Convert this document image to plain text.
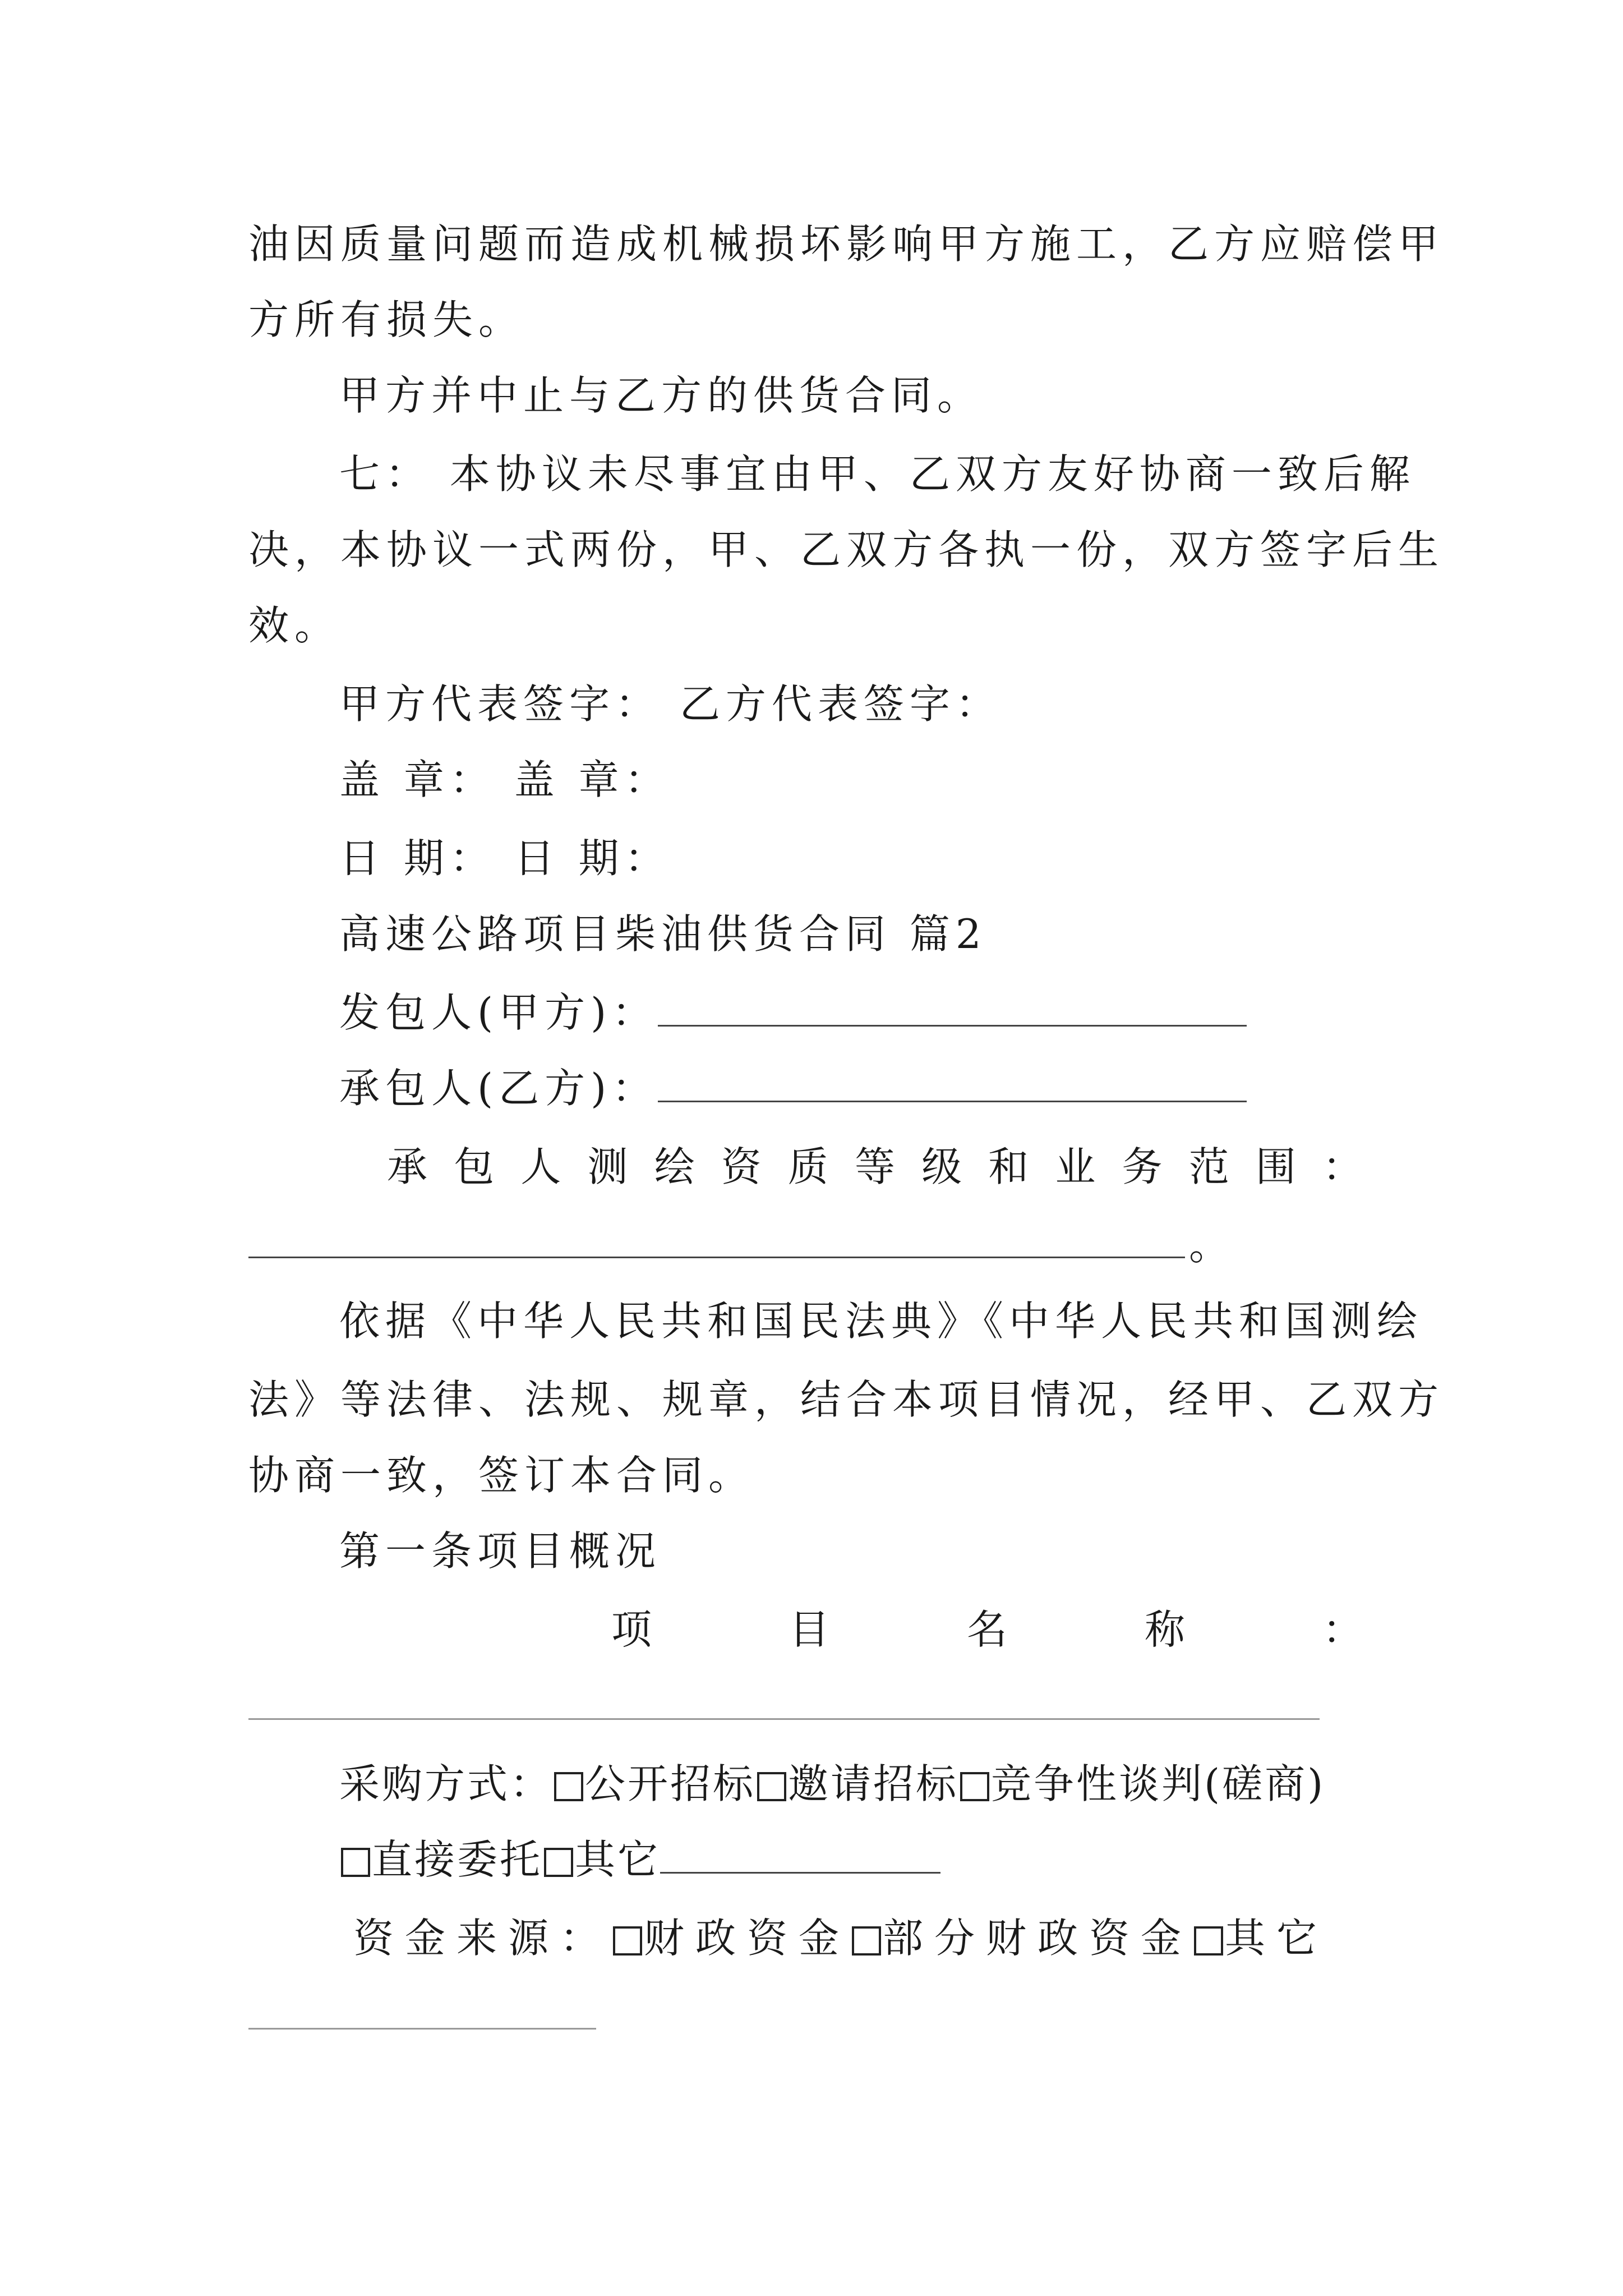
油因质量问题而造成机械损坏影响甲方施工，乙方应赔偿甲
方所有损失。
甲方并中止与乙方的供货合同。
七： 本协议未尽事宜由甲、乙双方友好协商一致后解
决，本协议一式两份，甲、乙双方各执一份，双方签字后生
效。
甲方代表签字： 乙方代表签字：
盖 章： 盖 章：
日 期： 日 期：
高速公路项目柴油供货合同 篇2
发包人(甲方)：
承包人(乙方)：
承 包 人 测 绘 资 质 等 级 和 业 务 范 围 ：
。
依据《中华人民共和国民法典》《中华人民共和国测绘
法》等法律、法规、规章，结合本项目情况，经甲、乙双方
协商一致，签订本合同。
第一条项目概况
项	目	名	称	：
采购方式： 公开招标 邀请招标 竞争性谈判(磋商)
直接委托 其它
资金来源： 财政资金 部分财政资金 其它
